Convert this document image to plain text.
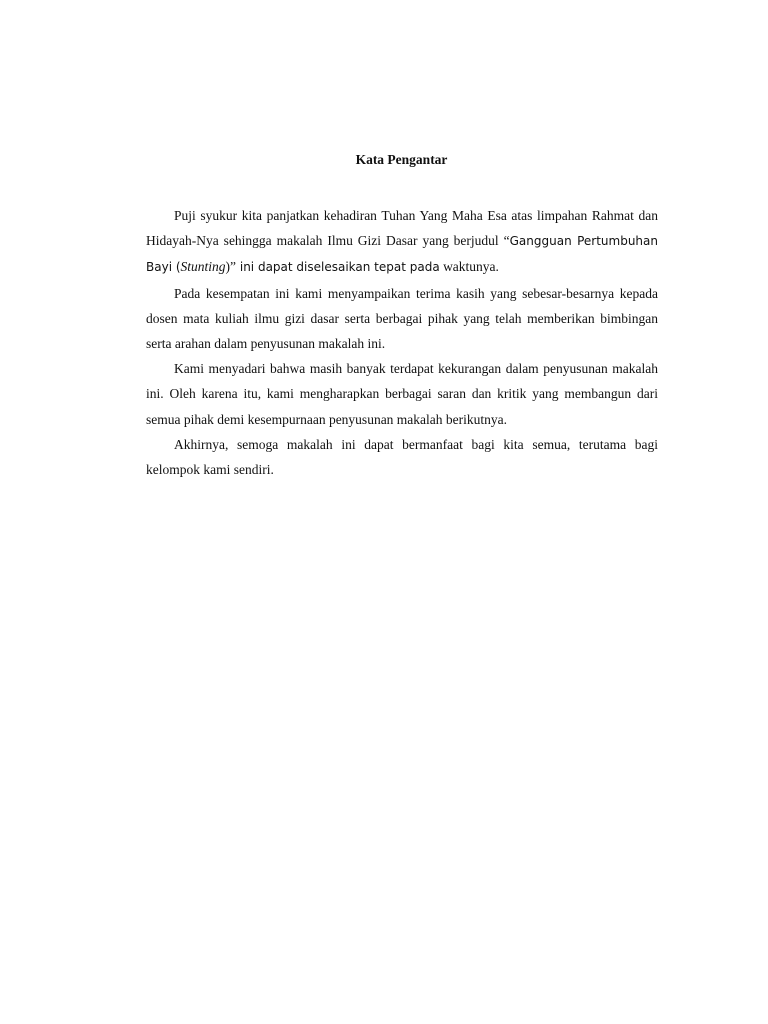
Kata Pengantar

Puji syukur kita panjatkan kehadiran Tuhan Yang Maha Esa atas limpahan Rahmat dan Hidayah-Nya sehingga makalah Ilmu Gizi Dasar yang berjudul “Gangguan Pertumbuhan Bayi (Stunting)” ini dapat diselesaikan tepat pada waktunya.

Pada kesempatan ini kami menyampaikan terima kasih yang sebesar-besarnya kepada dosen mata kuliah ilmu gizi dasar serta berbagai pihak yang telah memberikan bimbingan serta arahan dalam penyusunan makalah ini.

Kami menyadari bahwa masih banyak terdapat kekurangan dalam penyusunan makalah ini. Oleh karena itu, kami mengharapkan berbagai saran dan kritik yang membangun dari semua pihak demi kesempurnaan penyusunan makalah berikutnya.

Akhirnya, semoga makalah ini dapat bermanfaat bagi kita semua, terutama bagi kelompok kami sendiri.
